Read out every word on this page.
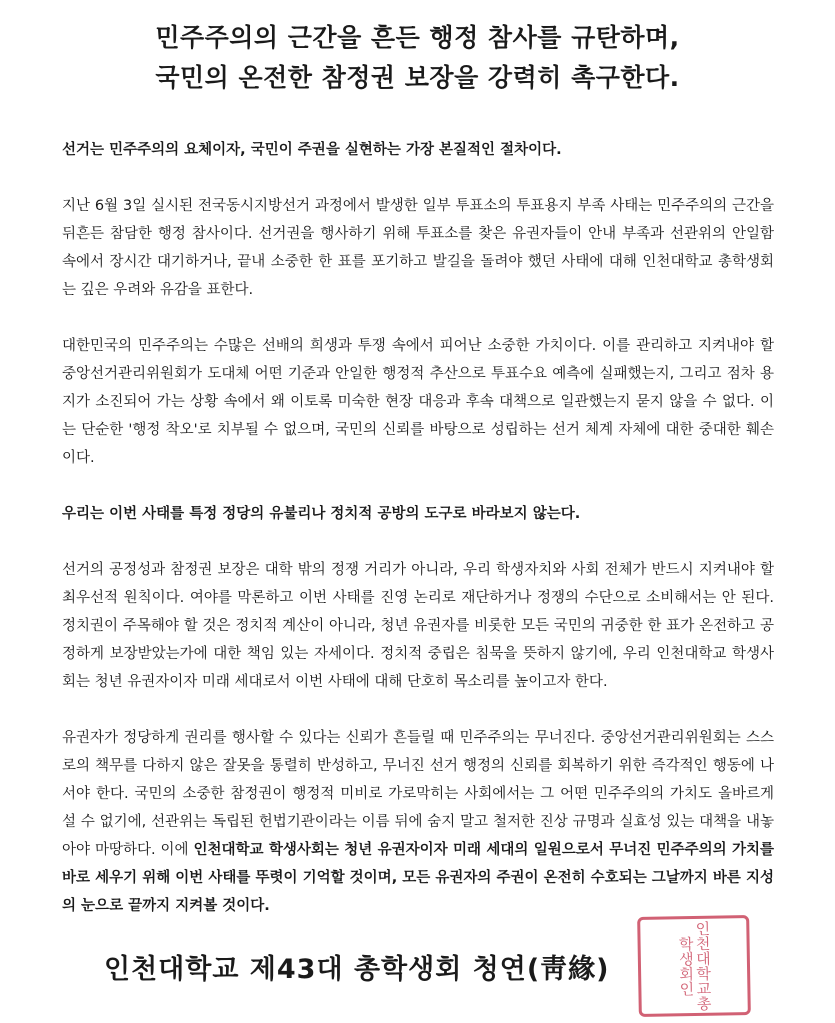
민주주의의 근간을 흔든 행정 참사를 규탄하며,
국민의 온전한 참정권 보장을 강력히 촉구한다.

선거는 민주주의의 요체이자, 국민이 주권을 실현하는 가장 본질적인 절차이다.

지난 6월 3일 실시된 전국동시지방선거 과정에서 발생한 일부 투표소의 투표용지 부족 사태는 민주주의의 근간을 뒤흔든 참담한 행정 참사이다. 선거권을 행사하기 위해 투표소를 찾은 유권자들이 안내 부족과 선관위의 안일함 속에서 장시간 대기하거나, 끝내 소중한 한 표를 포기하고 발길을 돌려야 했던 사태에 대해 인천대학교 총학생회는 깊은 우려와 유감을 표한다.

대한민국의 민주주의는 수많은 선배의 희생과 투쟁 속에서 피어난 소중한 가치이다. 이를 관리하고 지켜내야 할 중앙선거관리위원회가 도대체 어떤 기준과 안일한 행정적 추산으로 투표수요 예측에 실패했는지, 그리고 점차 용지가 소진되어 가는 상황 속에서 왜 이토록 미숙한 현장 대응과 후속 대책으로 일관했는지 묻지 않을 수 없다. 이는 단순한 '행정 착오'로 치부될 수 없으며, 국민의 신뢰를 바탕으로 성립하는 선거 체계 자체에 대한 중대한 훼손이다.

우리는 이번 사태를 특정 정당의 유불리나 정치적 공방의 도구로 바라보지 않는다.

선거의 공정성과 참정권 보장은 대학 밖의 정쟁 거리가 아니라, 우리 학생자치와 사회 전체가 반드시 지켜내야 할 최우선적 원칙이다. 여야를 막론하고 이번 사태를 진영 논리로 재단하거나 정쟁의 수단으로 소비해서는 안 된다. 정치권이 주목해야 할 것은 정치적 계산이 아니라, 청년 유권자를 비롯한 모든 국민의 귀중한 한 표가 온전하고 공정하게 보장받았는가에 대한 책임 있는 자세이다. 정치적 중립은 침묵을 뜻하지 않기에, 우리 인천대학교 학생사회는 청년 유권자이자 미래 세대로서 이번 사태에 대해 단호히 목소리를 높이고자 한다.

유권자가 정당하게 권리를 행사할 수 있다는 신뢰가 흔들릴 때 민주주의는 무너진다. 중앙선거관리위원회는 스스로의 책무를 다하지 않은 잘못을 통렬히 반성하고, 무너진 선거 행정의 신뢰를 회복하기 위한 즉각적인 행동에 나서야 한다. 국민의 소중한 참정권이 행정적 미비로 가로막히는 사회에서는 그 어떤 민주주의의 가치도 올바르게 설 수 없기에, 선관위는 독립된 헌법기관이라는 이름 뒤에 숨지 말고 철저한 진상 규명과 실효성 있는 대책을 내놓아야 마땅하다. 이에 인천대학교 학생사회는 청년 유권자이자 미래 세대의 일원으로서 무너진 민주주의의 가치를 바로 세우기 위해 이번 사태를 뚜렷이 기억할 것이며, 모든 유권자의 주권이 온전히 수호되는 그날까지 바른 지성의 눈으로 끝까지 지켜볼 것이다.

인천대학교 제43대 총학생회 청연(靑緣)	인천대학교총학생회인
